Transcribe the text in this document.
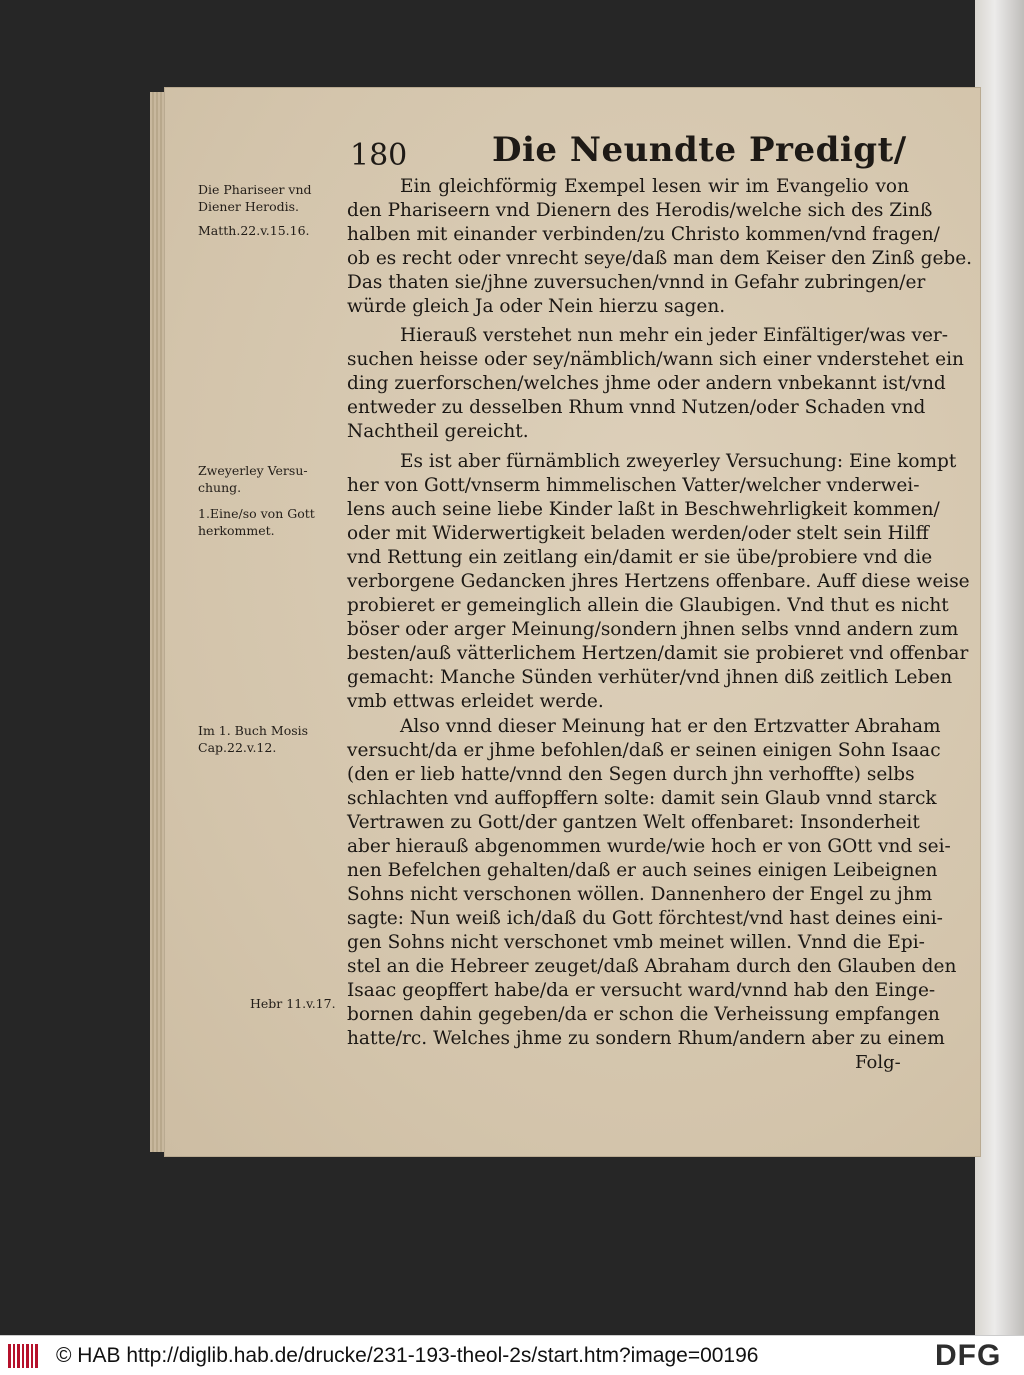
180 Die Neundte Predigt/
Die Phariseer vnd
Diener Herodis.
Matth.22.v.15.16.
Zweyerley Versu-
chung.
1.Eine/so von Gott
herkommet.
Im 1. Buch Mosis
Cap.22.v.12.
Hebr 11.v.17.
Ein gleichförmig Exempel lesen wir im Evangelio von
den Phariseern vnd Dienern des Herodis/welche sich des Zinß
halben mit einander verbinden/zu Christo kommen/vnd fragen/
ob es recht oder vnrecht seye/daß man dem Keiser den Zinß gebe.
Das thaten sie/jhne zuversuchen/vnnd in Gefahr zubringen/er
würde gleich Ja oder Nein hierzu sagen.
Hierauß verstehet nun mehr ein jeder Einfältiger/was ver-
suchen heisse oder sey/nämblich/wann sich einer vnderstehet ein
ding zuerforschen/welches jhme oder andern vnbekannt ist/vnd
entweder zu desselben Rhum vnnd Nutzen/oder Schaden vnd
Nachtheil gereicht.
Es ist aber fürnämblich zweyerley Versuchung: Eine kompt
her von Gott/vnserm himmelischen Vatter/welcher vnderwei-
lens auch seine liebe Kinder laßt in Beschwehrligkeit kommen/
oder mit Widerwertigkeit beladen werden/oder stelt sein Hilff
vnd Rettung ein zeitlang ein/damit er sie übe/probiere vnd die
verborgene Gedancken jhres Hertzens offenbare. Auff diese weise
probieret er gemeinglich allein die Glaubigen. Vnd thut es nicht
böser oder arger Meinung/sondern jhnen selbs vnnd andern zum
besten/auß vätterlichem Hertzen/damit sie probieret vnd offenbar
gemacht: Manche Sünden verhüter/vnd jhnen diß zeitlich Leben
vmb ettwas erleidet werde.
Also vnnd dieser Meinung hat er den Ertzvatter Abraham
versucht/da er jhme befohlen/daß er seinen einigen Sohn Isaac
(den er lieb hatte/vnnd den Segen durch jhn verhoffte) selbs
schlachten vnd auffopffern solte: damit sein Glaub vnnd starck
Vertrawen zu Gott/der gantzen Welt offenbaret: Insonderheit
aber hierauß abgenommen wurde/wie hoch er von GOtt vnd sei-
nen Befelchen gehalten/daß er auch seines einigen Leibeignen
Sohns nicht verschonen wöllen. Dannenhero der Engel zu jhm
sagte: Nun weiß ich/daß du Gott förchtest/vnd hast deines eini-
gen Sohns nicht verschonet vmb meinet willen. Vnnd die Epi-
stel an die Hebreer zeuget/daß Abraham durch den Glauben den
Isaac geopffert habe/da er versucht ward/vnnd hab den Einge-
bornen dahin gegeben/da er schon die Verheissung empfangen
hatte/rc. Welches jhme zu sondern Rhum/andern aber zu einem
Folg-
© HAB http://diglib.hab.de/drucke/231-193-theol-2s/start.htm?image=00196	DFG
